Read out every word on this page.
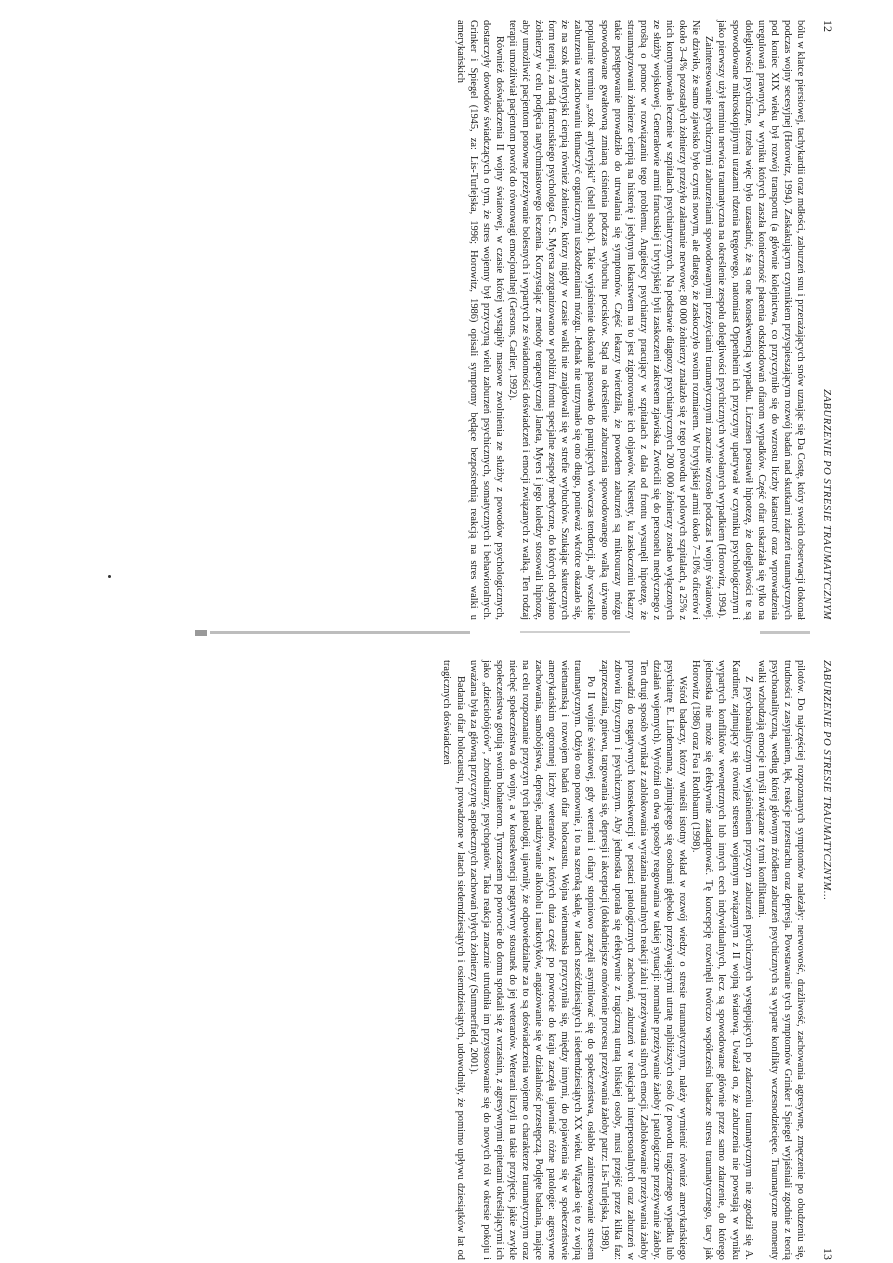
12
ZABURZENIE PO STRESIE TRAUMATYCZNYM

bólu w klatce piersiowej, tachykardii oraz mdłości, zaburzeń snu i przerażających snów uznając się Da Costę, który swoich obserwacji dokonał podczas wojny secesyjnej (Horowitz, 1994). Zaskakującym czynnikiem przyspieszającym rozwój badań nad skutkami zdarzeń traumatycznych pod koniec XIX wieku był rozwój transportu (a głównie kolejnictwa, co przyczyniło się do wzrostu liczby katastrof oraz wprowadzenia uregulowań prawnych, w wyniku których zaszła konieczność płacenia odszkodowań ofiarom wypadków. Część ofiar uskarżała się tylko na dolegliwości psychiczne, trzeba więc było uzasadnić, że są one konsekwencją wypadku. Licznsen postawił hipotezę, że dolegliwości te są spowodowane mikroskopijnymi urazami rdzenia kręgowego, natomiast Oppenheim ich przyczyny upatrywał w czynniku psychologicznym i jako pierwszy użył terminu nerwica traumatyczna na określenie zespołu dolegliwości psychicznych wywołanych wypadkiem (Horowitz, 1994).

Zainteresowanie psychicznymi zaburzeniami spowodowanymi przeżyciami traumatycznymi znacznie wzrosło podczas I wojny światowej. Nie dziwiło, że samo zjawisko było czymś nowym, ale dlatego, że zaskoczyło swoim rozmiarem. W brytyjskiej armii około 7–10% oficerów i około 3–4% pozostałych żołnierzy przeżyło załamanie nerwowe; 80 000 żołnierzy znalazło się z tego powodu w polowych szpitalach, a 25% z nich kontynuowało leczenie w szpitalach psychiatrycznych. Na podstawie diagnozy psychiatrycznych 200 000 żołnierzy zostało wyłączonych ze służby wojskowej. Generałowie armii francuskiej i brytyjskiej byli zaskoczeni zakresem zjawiska. Zwrócili się do personelu medycznego z prośbą o pomoc w rozwiązaniu tego problemu. Angielscy psychiatrzy pracujący w szpitalach z dala od frontu wysunęli hipotezę, że straumatyzowani żołnierze cierpią na histerię i jedynym lekarstwem na to jest zignorowanie ich objawów. Niestety, ku zaskoczeniu lekarzy takie postępowanie prowadziło do utrwalania się symptomów. Część lekarzy twierdziła, że powodem zaburzeń są mikrourazy mózgu spowodowane gwałtowną zmianą ciśnienia podczas wybuchu pocisków. Stąd na określenie zaburzenia spowodowanego walką używano popularnie terminu „szok artyleryjski” (shell shock). Takie wyjaśnienie doskonale pasowało do panujących wówczas tendencji, aby wszelkie zaburzenia w zachowaniu tłumaczyć organicznymi uszkodzeniami mózgu. Jednak nie utrzymało się ono długo, ponieważ wkrótce okazało się, że na szok artyleryjski cierpią również żołnierze, którzy nigdy w czasie walki nie znajdowali się w strefie wybuchów. Szukając skutecznych form terapii, za radą francuskiego psychologa C. S. Myersa zorganizowano w pobliżu frontu specjalne zespoły medyczne, do których odsyłano żołnierzy w celu podjęcia natychmiastowego leczenia. Korzystając z metody terapeutycznej Janeta, Myers i jego koledzy stosowali hipnozę, aby umożliwić pacjentom ponowne przeżywanie bolesnych i wypartych ze świadomości doświadczeń i emocji związanych z walką. Ten rodzaj terapii umożliwiał pacjentom powrót do równowagi emocjonalnej (Gersons, Carlier, 1992).

Również doświadczenia II wojny światowej, w czasie której wystąpiły masowe zwolnienia ze służby z powodów psychologicznych, dostarczyły dowodów świadczących o tym, że stres wojenny był przyczyną wielu zaburzeń psychicznych, somatycznych i behawioralnych. Grinker i Spiegel (1945, za: Lis-Turlejska, 1996; Horowitz, 1986) opisali symptomy będące bezpośrednią reakcją na stres walki u amerykańskich

ZABURZENIE PO STRESIE TRAUMATYCZNYM...
13

pilotów. Do najczęściej rozpoznanych symptomów należały: nerwowość, drażliwość, zachowania agresywne, zmęczenie po obudzeniu się, trudności z zasypianiem, lęk, reakcje przestrachu oraz depresja. Powstawanie tych symptomów Grinker i Spiegel wyjaśniali zgodnie z teorią psychoanalityczną, według której głównym źródłem zaburzeń psychicznych są wyparte konflikty wczesnodziecięce. Traumatyczne momenty walki wzbudzają emocje i myśli związane z tymi konfliktami.

Z psychoanalitycznym wyjaśnieniem przyczyn zaburzeń psychicznych występujących po zdarzeniu traumatycznym nie zgodził się A. Kardiner, zajmujący się również stresem wojennym związanym z II wojną światową. Uważał on, że zaburzenia nie powstają w wyniku wypartych konfliktów wewnętrznych lub innych cech indywidualnych, lecz są spowodowane głównie przez samo zdarzenie, do którego jednostka nie może się efektywnie zaadaptować. Tę koncepcję rozwinęli twórczo współcześni badacze stresu traumatycznego, tacy jak Horowitz (1986) oraz Foa i Rothbaum (1998).

Wśród badaczy, którzy wnieśli istotny wkład w rozwój wiedzy o stresie traumatycznym, należy wymienić również amerykańskiego psychiatrę E. Lindemanna, zajmującego się osobami głęboko przeżywającymi utratę najbliższych osób (z powodu tragicznego wypadku lub działań wojennych). Wyróżnił on dwa sposoby reagowania w takiej sytuacji: normalne przeżywanie żałoby i patologiczne przeżywanie żałoby. Ten drugi sposób wynikał z zablokowania wyrażania naturalnych reakcji żalu i przeżywania silnych emocji. Zablokowanie przeżywania żałoby prowadzi do negatywnych konsekwencji w postaci patologicznych zachowań, zaburzeń w reakcjach interpersonalnych oraz zaburzeń w zdrowiu fizycznym i psychicznym. Aby jednostka uporała się efektywnie z tragiczną utratą bliskiej osoby, musi przejść przez kilka faz: zaprzeczania, gniewu, targowania się, depresji i akceptacji (dokładniejsze omówienie procesu przeżywania żałoby patrz: Lis-Turlejska, 1998).

Po II wojnie światowej, gdy weterani i ofiary stopniowo zaczęli asymilować się do społeczeństwa, osłabło zainteresowanie stresem traumatycznym. Odżyło ono ponownie, i to na szeroką skalę, w latach sześćdziesiątych i siedemdziesiątych XX wieku. Wiązało się to z wojną wietnamską i rozwojem badań ofiar holocaustu. Wojna wietnamska przyczyniła się, między innymi, do pojawienia się w społeczeństwie amerykańskim ogromnej liczby weteranów, z których duża część po powrocie do kraju zaczęła ujawniać różne patologie: agresywne zachowania, samobójstwa, depresje, nadużywanie alkoholu i narkotyków, angażowanie się w działalność przestępczą. Podjęte badania, mające na celu rozpoznanie przyczyn tych patologii, ujawniły, że odpowiedzialne za to są doświadczenia wojenne o charakterze traumatycznym oraz niechęć społeczeństwa do wojny, a w konsekwencji negatywny stosunek do jej weteranów. Weterani liczyli na takie przyjęcie, jakie zwykle społeczeństwa gotują swoim bohaterom. Tymczasem po powrocie do domu spotkali się z wrzaśnin, z agresywnymi epitetami określającymi ich jako „dzieciobójców”, zbrodniarzy, psychopatów. Taka reakcja znacznie utrudniła im przystosowanie się do nowych ról w okresie pokoju i uważana była za główną przyczynę aspołecznych zachowań byłych żołnierzy (Summerfield, 2001).

Badania ofiar holocaustu, prowadzone w latach siedemdziesiątych i osiemdziesiątych, udowodniły, że pomimo upływu dziesiątków lat od tragicznych doświadczeń
